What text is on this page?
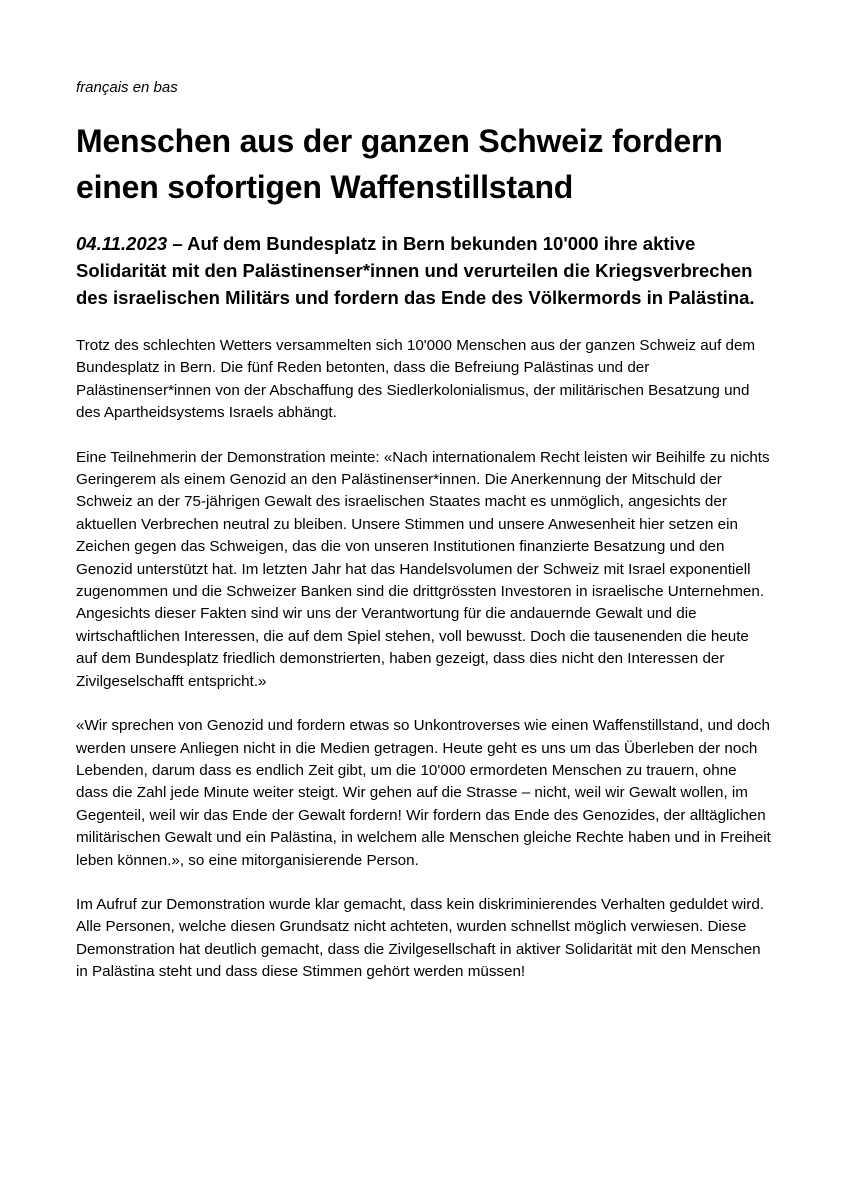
français en bas

Menschen aus der ganzen Schweiz fordern einen sofortigen Waffenstillstand

04.11.2023 – Auf dem Bundesplatz in Bern bekunden 10'000 ihre aktive Solidarität mit den Palästinenser*innen und verurteilen die Kriegsverbrechen des israelischen Militärs und fordern das Ende des Völkermords in Palästina.

Trotz des schlechten Wetters versammelten sich 10'000 Menschen aus der ganzen Schweiz auf dem Bundesplatz in Bern. Die fünf Reden betonten, dass die Befreiung Palästinas und der Palästinenser*innen von der Abschaffung des Siedlerkolonialismus, der militärischen Besatzung und des Apartheidsystems Israels abhängt.

Eine Teilnehmerin der Demonstration meinte: «Nach internationalem Recht leisten wir Beihilfe zu nichts Geringerem als einem Genozid an den Palästinenser*innen. Die Anerkennung der Mitschuld der Schweiz an der 75-jährigen Gewalt des israelischen Staates macht es unmöglich, angesichts der aktuellen Verbrechen neutral zu bleiben. Unsere Stimmen und unsere Anwesenheit hier setzen ein Zeichen gegen das Schweigen, das die von unseren Institutionen finanzierte Besatzung und den Genozid unterstützt hat. Im letzten Jahr hat das Handelsvolumen der Schweiz mit Israel exponentiell zugenommen und die Schweizer Banken sind die drittgrössten Investoren in israelische Unternehmen. Angesichts dieser Fakten sind wir uns der Verantwortung für die andauernde Gewalt und die wirtschaftlichen Interessen, die auf dem Spiel stehen, voll bewusst. Doch die tausenenden die heute auf dem Bundesplatz friedlich demonstrierten, haben gezeigt, dass dies nicht den Interessen der Zivilgeselschafft entspricht.»

«Wir sprechen von Genozid und fordern etwas so Unkontroverses wie einen Waffenstillstand, und doch werden unsere Anliegen nicht in die Medien getragen. Heute geht es uns um das Überleben der noch Lebenden, darum dass es endlich Zeit gibt, um die 10'000 ermordeten Menschen zu trauern, ohne dass die Zahl jede Minute weiter steigt. Wir gehen auf die Strasse – nicht, weil wir Gewalt wollen, im Gegenteil, weil wir das Ende der Gewalt fordern! Wir fordern das Ende des Genozides, der alltäglichen militärischen Gewalt und ein Palästina, in welchem alle Menschen gleiche Rechte haben und in Freiheit leben können.», so eine mitorganisierende Person.

Im Aufruf zur Demonstration wurde klar gemacht, dass kein diskriminierendes Verhalten geduldet wird. Alle Personen, welche diesen Grundsatz nicht achteten, wurden schnellst möglich verwiesen. Diese Demonstration hat deutlich gemacht, dass die Zivilgesellschaft in aktiver Solidarität mit den Menschen in Palästina steht und dass diese Stimmen gehört werden müssen!
